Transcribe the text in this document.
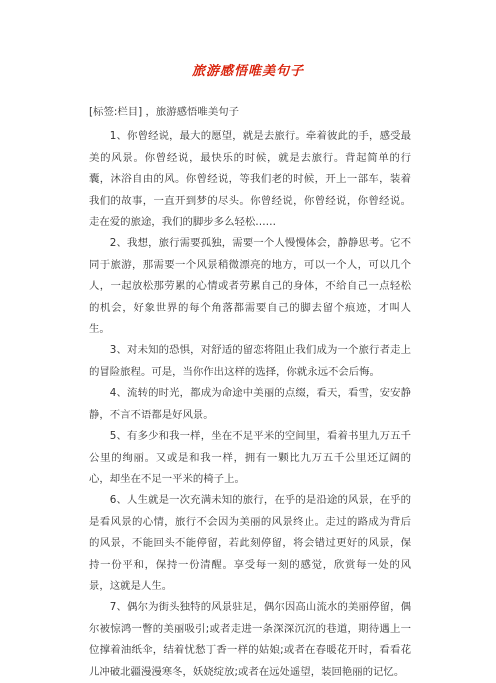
旅游感悟唯美句子

[标签:栏目] ，旅游感悟唯美句子

1、你曾经说，最大的愿望，就是去旅行。牵着彼此的手，感受最美的风景。你曾经说，最快乐的时候，就是去旅行。背起简单的行囊，沐浴自由的风。你曾经说，等我们老的时候，开上一部车，装着我们的故事，一直开到梦的尽头。你曾经说，你曾经说，你曾经说。走在爱的旅途，我们的脚步多么轻松……

2、我想，旅行需要孤独，需要一个人慢慢体会，静静思考。它不同于旅游，那需要一个风景稍微漂亮的地方，可以一个人，可以几个人，一起放松那劳累的心情或者劳累自己的身体，不给自己一点轻松的机会，好象世界的每个角落都需要自己的脚去留个痕迹，才叫人生。

3、对未知的恐惧，对舒适的留恋将阻止我们成为一个旅行者走上的冒险旅程。可是，当你作出这样的选择，你就永远不会后悔。

4、流转的时光，都成为命途中美丽的点缀，看天，看雪，安安静静，不言不语都是好风景。

5、有多少和我一样，坐在不足平米的空间里，看着书里九万五千公里的绚丽。又或是和我一样，拥有一颗比九万五千公里还辽阔的心，却坐在不足一平米的椅子上。

6、人生就是一次充满未知的旅行，在乎的是沿途的风景，在乎的是看风景的心情，旅行不会因为美丽的风景终止。走过的路成为背后的风景，不能回头不能停留，若此刻停留，将会错过更好的风景，保持一份平和，保持一份清醒。享受每一刻的感觉，欣赏每一处的风景，这就是人生。

7、偶尔为街头独特的风景驻足，偶尔因高山流水的美丽停留，偶尔被惊鸿一瞥的美丽吸引;或者走进一条深深沉沉的巷道，期待遇上一位撑着油纸伞，结着忧愁丁香一样的姑娘;或者在春暖花开时，看看花儿冲破北疆漫漫寒冬，妖娆绽放;或者在远处遥望，装回艳丽的记忆。
